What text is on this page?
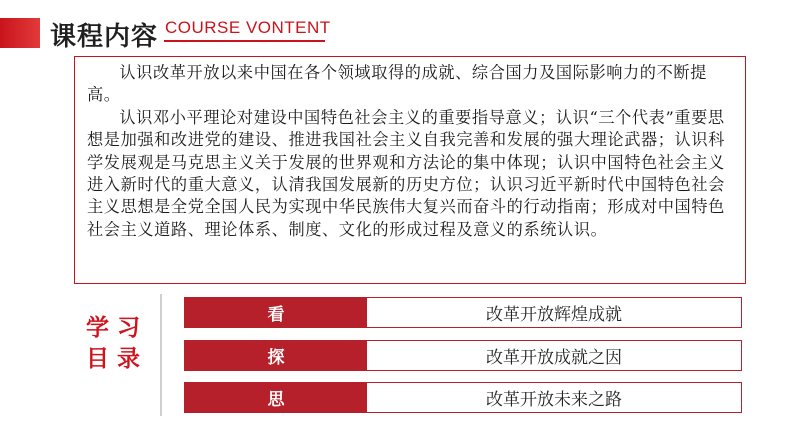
课程内容 COURSE VONTENT

认识改革开放以来中国在各个领域取得的成就、综合国力及国际影响力的不断提高。

认识邓小平理论对建设中国特色社会主义的重要指导意义；认识“三个代表”重要思想是加强和改进党的建设、推进我国社会主义自我完善和发展的强大理论武器；认识科学发展观是马克思主义关于发展的世界观和方法论的集中体现；认识中国特色社会主义进入新时代的重大意义，认清我国发展新的历史方位；认识习近平新时代中国特色社会主义思想是全党全国人民为实现中华民族伟大复兴而奋斗的行动指南；形成对中国特色社会主义道路、理论体系、制度、文化的形成过程及意义的系统认识。

学习
目录
看	改革开放辉煌成就
探	改革开放成就之因
思	改革开放未来之路
